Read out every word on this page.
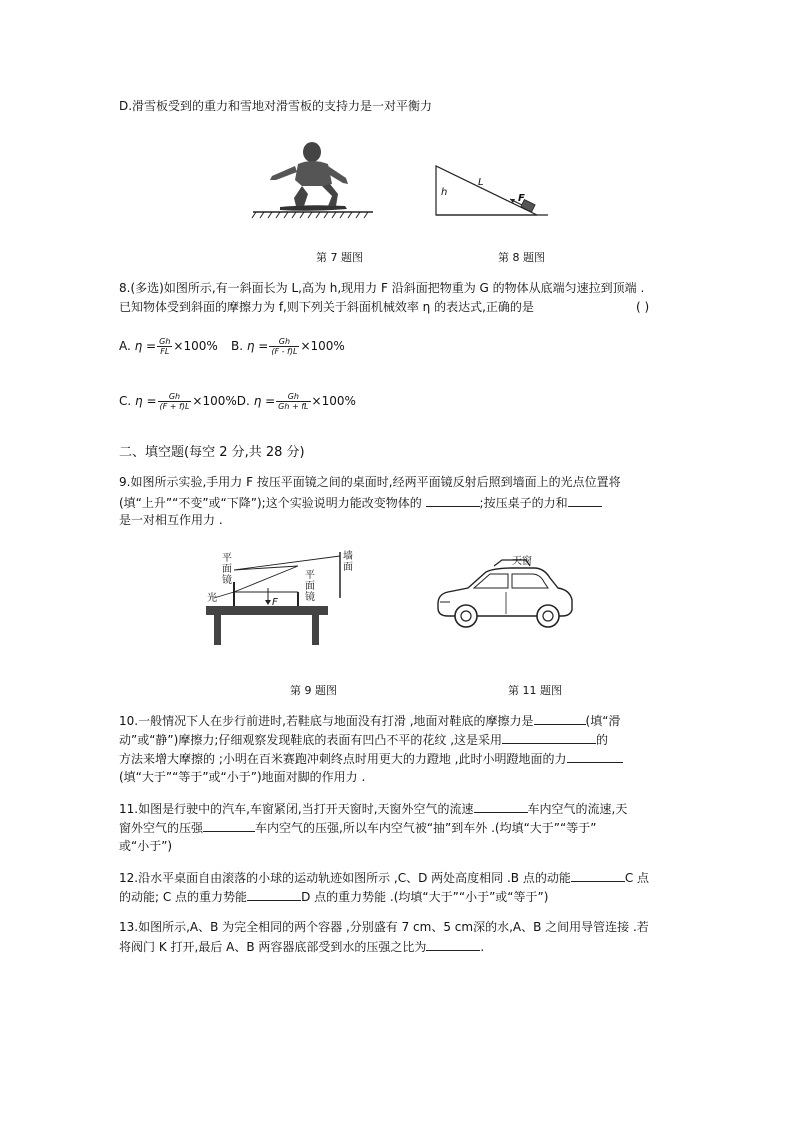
D.滑雪板受到的重力和雪地对滑雪板的支持力是一对平衡力
h
L
F
第 7 题图	第 8 题图
8.(多选)如图所示,有一斜面长为 L,高为 h,现用力 F 沿斜面把物重为 G 的物体从底端匀速拉到顶端 .
已知物体受到斜面的摩擦力为 f,则下列关于斜面机械效率 η 的表达式,正确的是	( )
A. $\eta = \frac{Gh}{FL} \times 100\%$ B. $\eta = \frac{Gh}{(F - f)L} \times 100\%$
C. $\eta = \frac{Gh}{(F + f)L} \times 100\%D$. $\eta = \frac{Gh}{Gh + fL} \times 100\%$
二、填空题(每空 2 分,共 28 分)
9.如图所示实验,手用力 F 按压平面镜之间的桌面时,经两平面镜反射后照到墙面上的光点位置将
(填“上升”“不变”或“下降”);这个实验说明力能改变物体的	;按压桌子的力和
是一对相互作用力 .
平
面
镜
光
平
面
镜
墙
面
F
天窗
第 9 题图	第 11 题图
10.一般情况下人在步行前进时,若鞋底与地面没有打滑 ,地面对鞋底的摩擦力是	(填“滑
动”或“静”)摩擦力;仔细观察发现鞋底的表面有凹凸不平的花纹 ,这是采用	的
方法来增大摩擦的 ;小明在百米赛跑冲刺终点时用更大的力蹬地 ,此时小明蹬地面的力
(填“大于”“等于”或“小于”)地面对脚的作用力 .
11.如图是行驶中的汽车,车窗紧闭,当打开天窗时,天窗外空气的流速	车内空气的流速,天
窗外空气的压强	车内空气的压强,所以车内空气被“抽”到车外 .(均填“大于”“等于”
或“小于”)
12.沿水平桌面自由滚落的小球的运动轨迹如图所示 ,C、D 两处高度相同 .B 点的动能	C 点
的动能; C 点的重力势能	D 点的重力势能 .(均填“大于”“小于”或“等于”)
13.如图所示,A、B 为完全相同的两个容器 ,分别盛有 7 cm、5 cm深的水,A、B 之间用导管连接 .若
将阀门 K 打开,最后 A、B 两容器底部受到水的压强之比为	.
